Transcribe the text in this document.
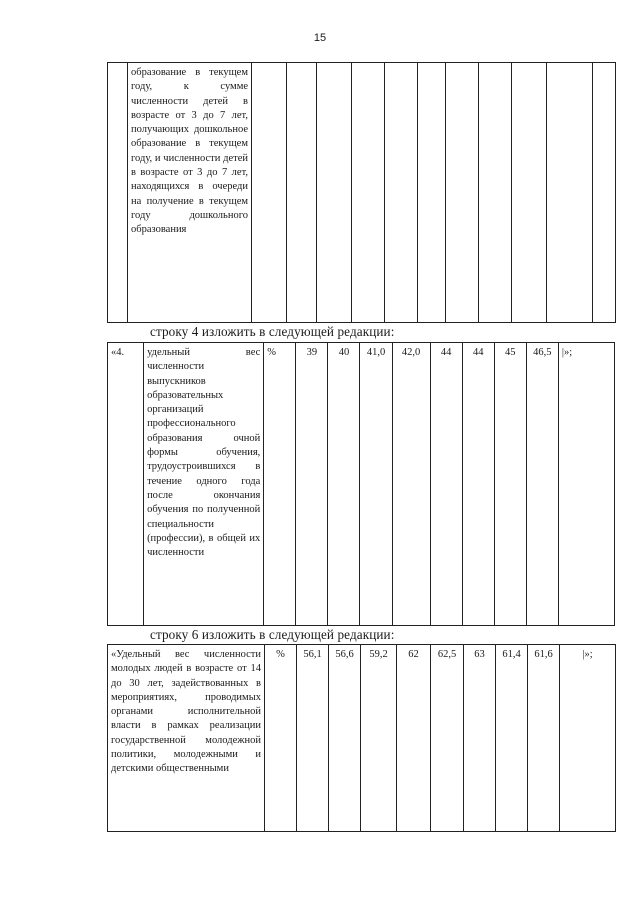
15
	образование в текущем году, к сумме численности детей в возрасте от 3 до 7 лет, получающих дошкольное образование в текущем году, и численности детей в возрасте от 3 до 7 лет, находящихся в очереди на получение в текущем году дошкольного образования											
строку 4 изложить в следующей редакции:
«4.	удельный вес численности выпускников образовательных организаций профессионального образования очной формы обучения, трудоустроившихся в течение одного года после окончания обучения по полученной специальности (профессии), в общей их численности	%	39	40	41,0	42,0	44	44	45	46,5	|»;
строку 6 изложить в следующей редакции:
«Удельный вес численности молодых людей в возрасте от 14 до 30 лет, задействованных в мероприятиях, проводимых органами исполнительной власти в рамках реализации государственной молодежной политики, молодежными и детскими общественными	%	56,1	56,6	59,2	62	62,5	63	61,4	61,6	|»;
